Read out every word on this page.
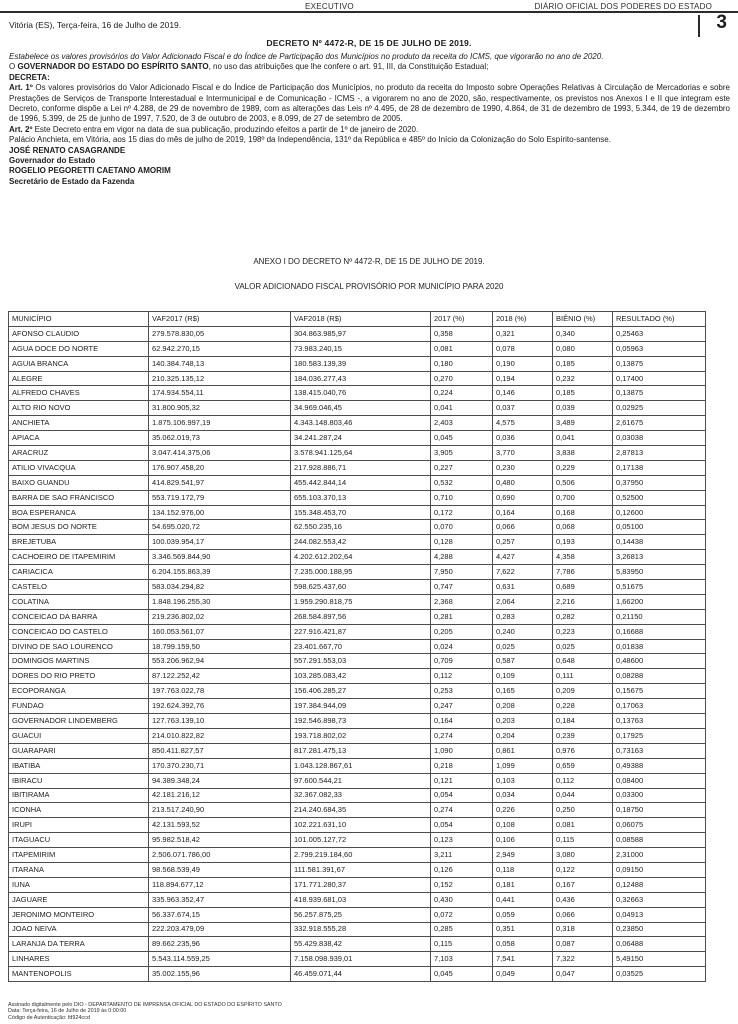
EXECUTIVO	DIÁRIO OFICIAL DOS PODERES DO ESTADO
Vitória (ES), Terça-feira, 16 de Julho de 2019.	3
DECRETO Nº 4472-R, DE 15 DE JULHO DE 2019.

Estabelece os valores provisórios do Valor Adicionado Fiscal e do Índice de Participação dos Municípios no produto da receita do ICMS, que vigorarão no ano de 2020.

O GOVERNADOR DO ESTADO DO ESPÍRITO SANTO, no uso das atribuições que lhe confere o art. 91, III, da Constituição Estadual;

DECRETA:

Art. 1º Os valores provisórios do Valor Adicionado Fiscal e do Índice de Participação dos Municípios, no produto da receita do Imposto sobre Operações Relativas à Circulação de Mercadorias e sobre Prestações de Serviços de Transporte Interestadual e Intermunicipal e de Comunicação - ICMS -, a vigorarem no ano de 2020, são, respectivamente, os previstos nos Anexos I e II que integram este Decreto, conforme dispõe a Lei nº 4.288, de 29 de novembro de 1989, com as alterações das Leis nº 4.495, de 28 de dezembro de 1990, 4.864, de 31 de dezembro de 1993, 5.344, de 19 de dezembro de 1996, 5.399, de 25 de junho de 1997, 7.520, de 3 de outubro de 2003, e 8.099, de 27 de setembro de 2005.

Art. 2º Este Decreto entra em vigor na data de sua publicação, produzindo efeitos a partir de 1º de janeiro de 2020.

Palácio Anchieta, em Vitória, aos 15 dias do mês de julho de 2019, 198º da Independência, 131º da República e 485º do Início da Colonização do Solo Espírito-santense.

JOSÉ RENATO CASAGRANDE

Governador do Estado

ROGELIO PEGORETTI CAETANO AMORIM

Secretário de Estado da Fazenda

ANEXO I DO DECRETO Nº 4472-R, DE 15 DE JULHO DE 2019.
VALOR ADICIONADO FISCAL PROVISÓRIO POR MUNICÍPIO PARA 2020
MUNICÍPIO	VAF2017 (R$)	VAF2018 (R$)	2017 (%)	2018 (%)	BIÊNIO (%)	RESULTADO (%)
AFONSO CLAUDIO	279.578.830,05	304.863.985,97	0,358	0,321	0,340	0,25463
AGUA DOCE DO NORTE	62.942.270,15	73.983.240,15	0,081	0,078	0,080	0,05963
AGUIA BRANCA	140.384.748,13	180.583.139,39	0,180	0,190	0,185	0,13875
ALEGRE	210.325.135,12	184.036.277,43	0,270	0,194	0,232	0,17400
ALFREDO CHAVES	174.934.554,11	138.415.040,76	0,224	0,146	0,185	0,13875
ALTO RIO NOVO	31.800.905,32	34.969.046,45	0,041	0,037	0,039	0,02925
ANCHIETA	1.875.106.997,19	4.343.148.803,46	2,403	4,575	3,489	2,61675
APIACA	35.062.019,73	34.241.287,24	0,045	0,036	0,041	0,03038
ARACRUZ	3.047.414.375,06	3.578.941.125,64	3,905	3,770	3,838	2,87813
ATILIO VIVACQUA	176.907.458,20	217.928.886,71	0,227	0,230	0,229	0,17138
BAIXO GUANDU	414.829.541,97	455.442.844,14	0,532	0,480	0,506	0,37950
BARRA DE SAO FRANCISCO	553.719.172,79	655.103.370,13	0,710	0,690	0,700	0,52500
BOA ESPERANCA	134.152.976,00	155.348.453,70	0,172	0,164	0,168	0,12600
BOM JESUS DO NORTE	54.695.020,72	62.550.235,16	0,070	0,066	0,068	0,05100
BREJETUBA	100.039.954,17	244.082.553,42	0,128	0,257	0,193	0,14438
CACHOEIRO DE ITAPEMIRIM	3.346.569.844,90	4.202.612.202,64	4,288	4,427	4,358	3,26813
CARIACICA	6.204.155.863,39	7.235.000.188,95	7,950	7,622	7,786	5,83950
CASTELO	583.034.294,82	598.625.437,60	0,747	0,631	0,689	0,51675
COLATINA	1.848.196.255,30	1.959.290.818,75	2,368	2,064	2,216	1,66200
CONCEICAO DA BARRA	219.236.802,02	268.584.897,56	0,281	0,283	0,282	0,21150
CONCEICAO DO CASTELO	160.053.561,07	227.916.421,87	0,205	0,240	0,223	0,16688
DIVINO DE SAO LOURENCO	18.799.159,50	23.401.667,70	0,024	0,025	0,025	0,01838
DOMINGOS MARTINS	553.206.962,94	557.291.553,03	0,709	0,587	0,648	0,48600
DORES DO RIO PRETO	87.122.252,42	103.285.083,42	0,112	0,109	0,111	0,08288
ECOPORANGA	197.763.022,78	156.406.285,27	0,253	0,165	0,209	0,15675
FUNDAO	192.624.392,76	197.384.944,09	0,247	0,208	0,228	0,17063
GOVERNADOR LINDEMBERG	127.763.139,10	192.546.898,73	0,164	0,203	0,184	0,13763
GUACUI	214.010.822,82	193.718.802,02	0,274	0,204	0,239	0,17925
GUARAPARI	850.411.827,57	817.281.475,13	1,090	0,861	0,976	0,73163
IBATIBA	170.370.230,71	1.043.128.867,61	0,218	1,099	0,659	0,49388
IBIRACU	94.389.348,24	97.600.544,21	0,121	0,103	0,112	0,08400
IBITIRAMA	42.181.216,12	32.367.082,33	0,054	0,034	0,044	0,03300
ICONHA	213.517.240,90	214.240.684,35	0,274	0,226	0,250	0,18750
IRUPI	42.131.593,52	102.221.631,10	0,054	0,108	0,081	0,06075
ITAGUACU	95.982.518,42	101.005.127,72	0,123	0,106	0,115	0,08588
ITAPEMIRIM	2.506.071.786,00	2.799.219.184,60	3,211	2,949	3,080	2,31000
ITARANA	98.568.539,49	111.581.391,67	0,126	0,118	0,122	0,09150
IUNA	118.894.677,12	171.771.280,37	0,152	0,181	0,167	0,12488
JAGUARE	335.963.352,47	418.939.681,03	0,430	0,441	0,436	0,32663
JERONIMO MONTEIRO	56.337.674,15	56.257.875,25	0,072	0,059	0,066	0,04913
JOAO NEIVA	222.203.479,09	332.918.555,28	0,285	0,351	0,318	0,23850
LARANJA DA TERRA	89.662.235,96	55.429.838,42	0,115	0,058	0,087	0,06488
LINHARES	5.543.114.559,25	7.158.098.939,01	7,103	7,541	7,322	5,49150
MANTENOPOLIS	35.002.155,96	46.459.071,44	0,045	0,049	0,047	0,03525
Assinado digitalmente pelo DIO - DEPARTAMENTO DE IMPRENSA OFICIAL DO ESTADO DO ESPÍRITO SANTO
Data: Terça-feira, 16 de Julho de 2019 às 0:00:00
Código de Autenticação: fd924ccd
